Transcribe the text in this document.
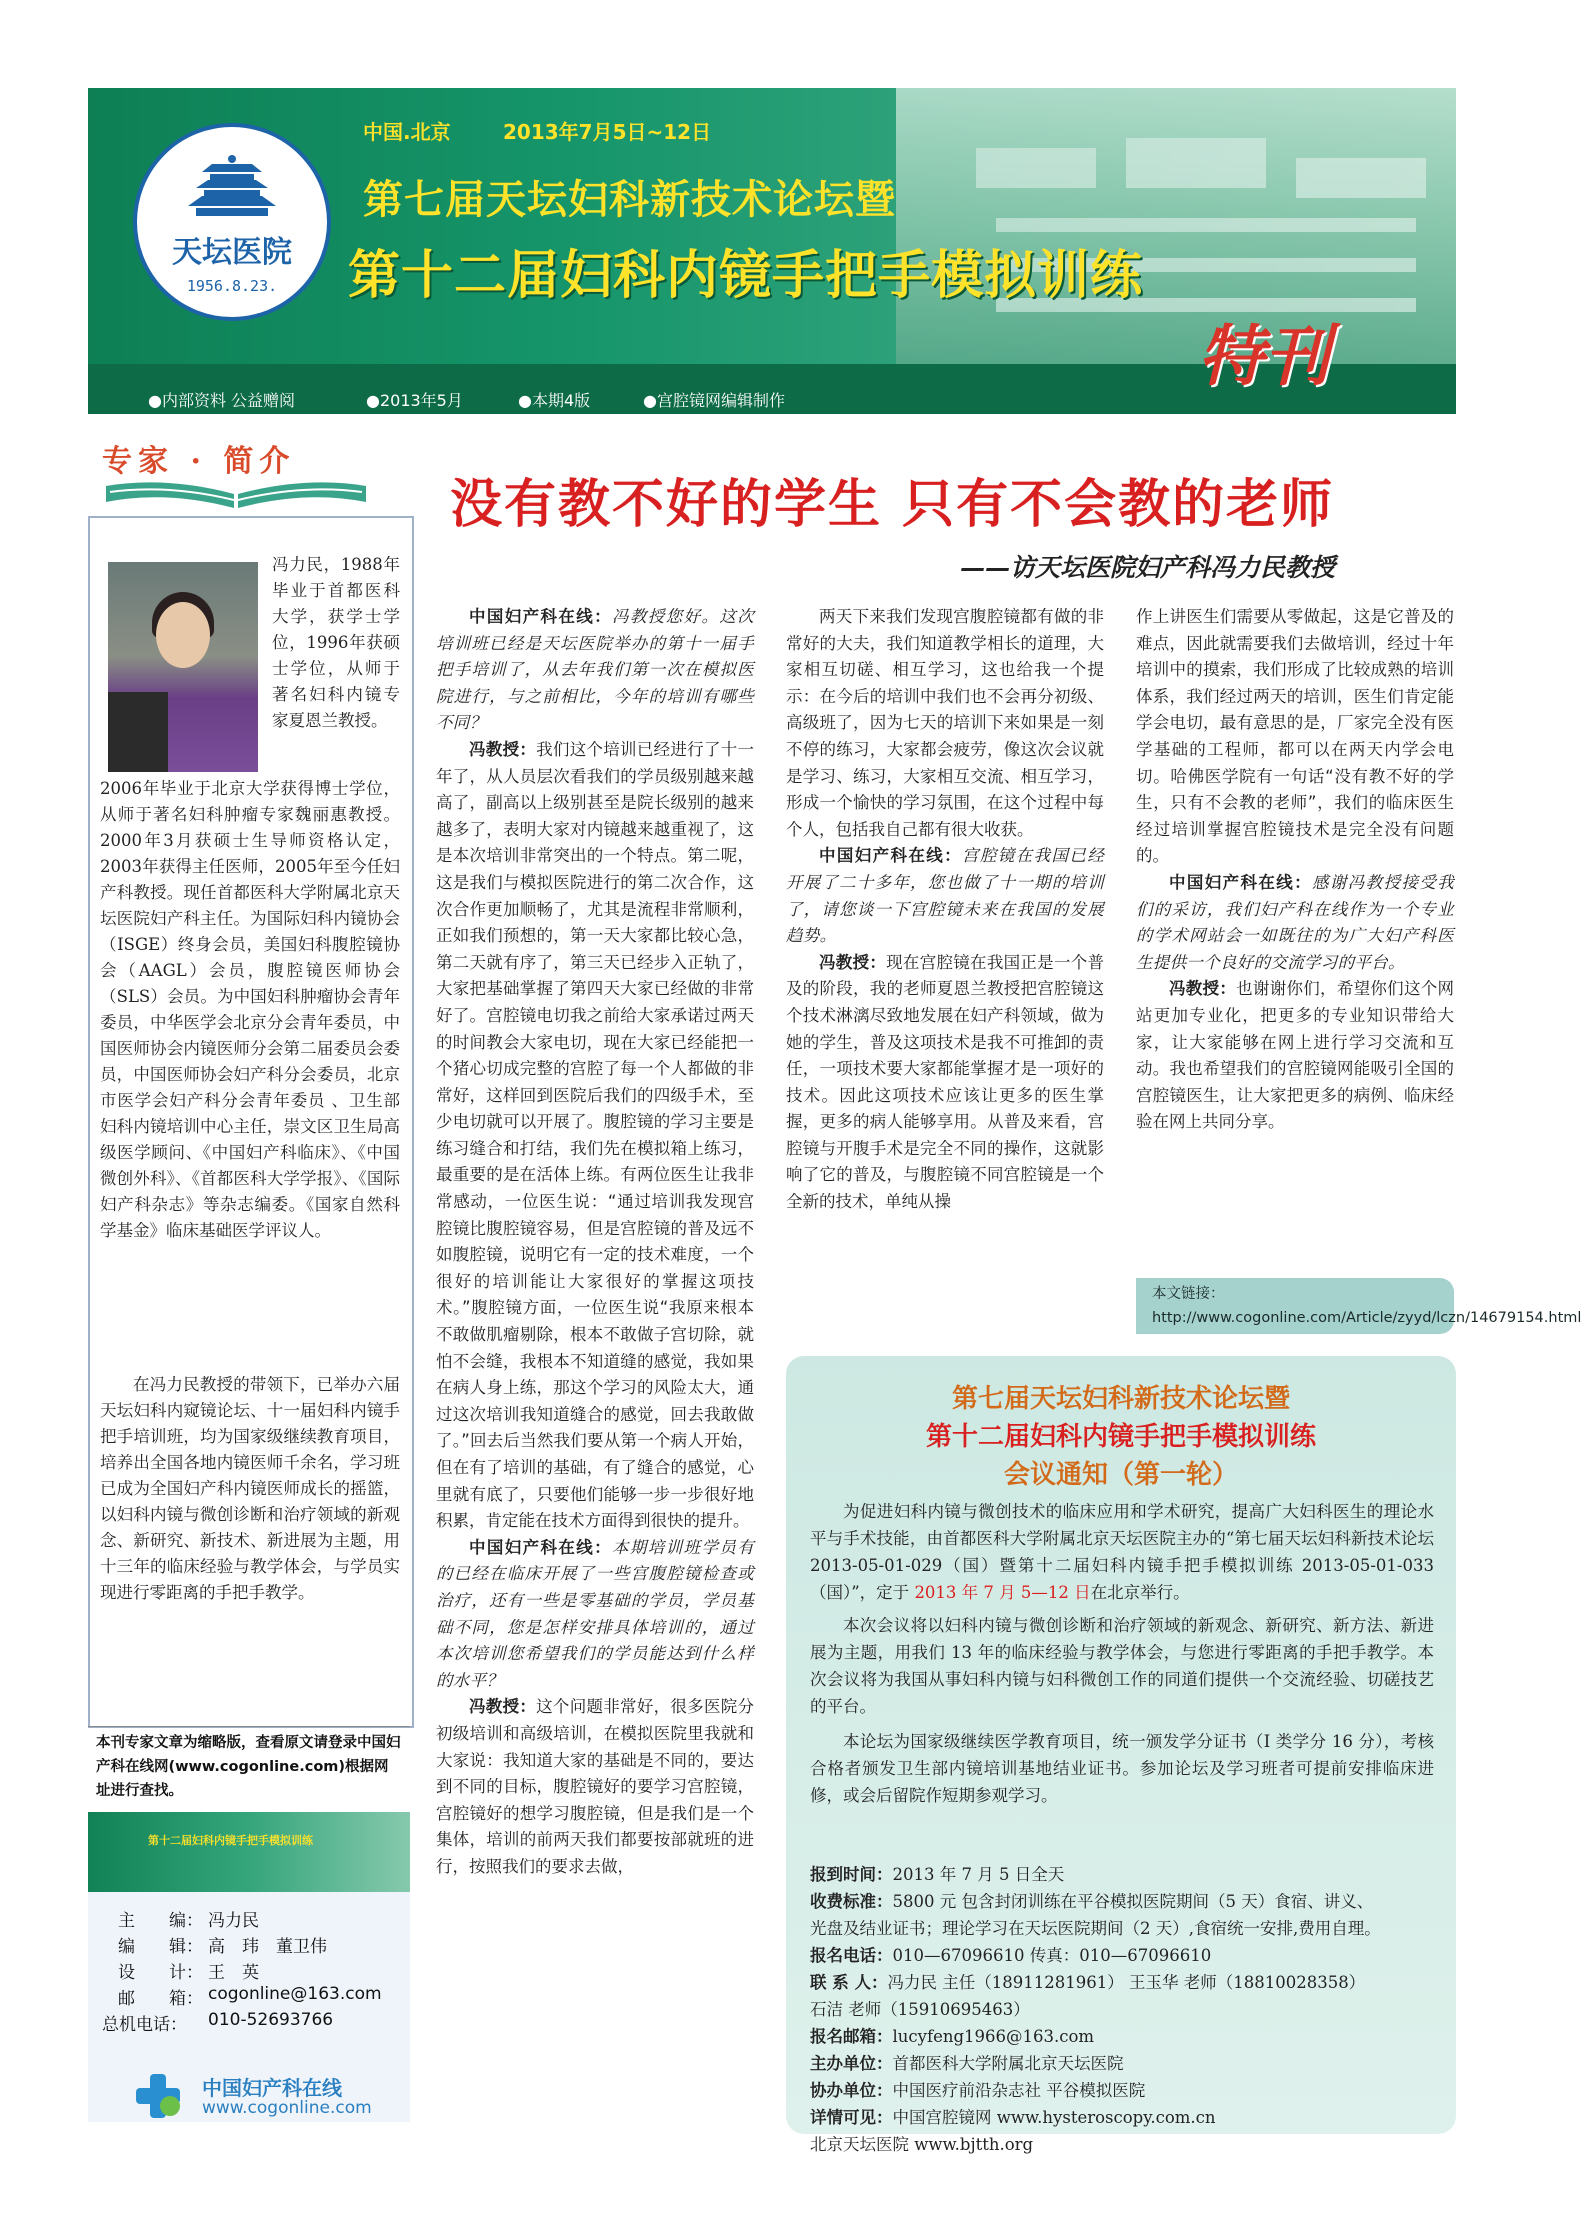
天坛医院
1956.8.23.
中国.北京	2013年7月5日~12日
第七届天坛妇科新技术论坛暨
第十二届妇科内镜手把手模拟训练
特刊
●内部资料 公益赠阅	●2013年5月	●本期4版	●宫腔镜网编辑制作
专家 · 简介
冯力民，1988年毕业于首都医科大学，获学士学位，1996年获硕士学位，从师于著名妇科内镜专家夏恩兰教授。
2006年毕业于北京大学获得博士学位，从师于著名妇科肿瘤专家魏丽惠教授。2000年3月获硕士生导师资格认定，2003年获得主任医师，2005年至今任妇产科教授。现任首都医科大学附属北京天坛医院妇产科主任。为国际妇科内镜协会（ISGE）终身会员，美国妇科腹腔镜协会（AAGL）会员，腹腔镜医师协会（SLS）会员。为中国妇科肿瘤协会青年委员，中华医学会北京分会青年委员，中国医师协会内镜医师分会第二届委员会委员，中国医师协会妇产科分会委员，北京市医学会妇产科分会青年委员 、卫生部妇科内镜培训中心主任，崇文区卫生局高级医学顾问、《中国妇产科临床》、《中国微创外科》、《首都医科大学学报》、《国际妇产科杂志》等杂志编委。《国家自然科学基金》临床基础医学评议人。
在冯力民教授的带领下，已举办六届天坛妇科内窥镜论坛、十一届妇科内镜手把手培训班，均为国家级继续教育项目，培养出全国各地内镜医师千余名，学习班已成为全国妇产科内镜医师成长的摇篮，以妇科内镜与微创诊断和治疗领域的新观念、新研究、新技术、新进展为主题，用十三年的临床经验与教学体会，与学员实现进行零距离的手把手教学。
本刊专家文章为缩略版，查看原文请登录中国妇产科在线网(www.cogonline.com)根据网址进行查找。
第十二届妇科内镜手把手模拟训练
主　　编： 冯力民
编　　辑： 高　玮　董卫伟
设　　计： 王　英
邮　　箱： cogonline@163.com
总机电话： 010-52693766
中国妇产科在线
www.cogonline.com
没有教不好的学生 只有不会教的老师
——访天坛医院妇产科冯力民教授

中国妇产科在线：冯教授您好。这次培训班已经是天坛医院举办的第十一届手把手培训了，从去年我们第一次在模拟医院进行，与之前相比，今年的培训有哪些不同？

冯教授：我们这个培训已经进行了十一年了，从人员层次看我们的学员级别越来越高了，副高以上级别甚至是院长级别的越来越多了，表明大家对内镜越来越重视了，这是本次培训非常突出的一个特点。第二呢，这是我们与模拟医院进行的第二次合作，这次合作更加顺畅了，尤其是流程非常顺利，正如我们预想的，第一天大家都比较心急，第二天就有序了，第三天已经步入正轨了，大家把基础掌握了第四天大家已经做的非常好了。宫腔镜电切我之前给大家承诺过两天的时间教会大家电切，现在大家已经能把一个猪心切成完整的宫腔了每一个人都做的非常好，这样回到医院后我们的四级手术，至少电切就可以开展了。腹腔镜的学习主要是练习缝合和打结，我们先在模拟箱上练习，最重要的是在活体上练。有两位医生让我非常感动，一位医生说：“通过培训我发现宫腔镜比腹腔镜容易，但是宫腔镜的普及远不如腹腔镜，说明它有一定的技术难度，一个很好的培训能让大家很好的掌握这项技术。”腹腔镜方面，一位医生说“我原来根本不敢做肌瘤剔除，根本不敢做子宫切除，就怕不会缝，我根本不知道缝的感觉，我如果在病人身上练，那这个学习的风险太大，通过这次培训我知道缝合的感觉，回去我敢做了。”回去后当然我们要从第一个病人开始，但在有了培训的基础，有了缝合的感觉，心里就有底了，只要他们能够一步一步很好地积累，肯定能在技术方面得到很快的提升。

中国妇产科在线：本期培训班学员有的已经在临床开展了一些宫腹腔镜检查或治疗，还有一些是零基础的学员，学员基础不同，您是怎样安排具体培训的，通过本次培训您希望我们的学员能达到什么样的水平？

冯教授：这个问题非常好，很多医院分初级培训和高级培训，在模拟医院里我就和大家说：我知道大家的基础是不同的，要达到不同的目标，腹腔镜好的要学习宫腔镜，宫腔镜好的想学习腹腔镜，但是我们是一个集体，培训的前两天我们都要按部就班的进行，按照我们的要求去做，

两天下来我们发现宫腹腔镜都有做的非常好的大夫，我们知道教学相长的道理，大家相互切磋、相互学习，这也给我一个提示：在今后的培训中我们也不会再分初级、高级班了，因为七天的培训下来如果是一刻不停的练习，大家都会疲劳，像这次会议就是学习、练习，大家相互交流、相互学习，形成一个愉快的学习氛围，在这个过程中每个人，包括我自己都有很大收获。

中国妇产科在线：宫腔镜在我国已经开展了二十多年，您也做了十一期的培训了，请您谈一下宫腔镜未来在我国的发展趋势。

冯教授：现在宫腔镜在我国正是一个普及的阶段，我的老师夏恩兰教授把宫腔镜这个技术淋漓尽致地发展在妇产科领域，做为她的学生，普及这项技术是我不可推卸的责任，一项技术要大家都能掌握才是一项好的技术。因此这项技术应该让更多的医生掌握，更多的病人能够享用。从普及来看，宫腔镜与开腹手术是完全不同的操作，这就影响了它的普及，与腹腔镜不同宫腔镜是一个全新的技术，单纯从操

作上讲医生们需要从零做起，这是它普及的难点，因此就需要我们去做培训，经过十年培训中的摸索，我们形成了比较成熟的培训体系，我们经过两天的培训，医生们肯定能学会电切，最有意思的是，厂家完全没有医学基础的工程师，都可以在两天内学会电切。哈佛医学院有一句话“没有教不好的学生，只有不会教的老师”，我们的临床医生经过培训掌握宫腔镜技术是完全没有问题的。

中国妇产科在线：感谢冯教授接受我们的采访，我们妇产科在线作为一个专业的学术网站会一如既往的为广大妇产科医生提供一个良好的交流学习的平台。

冯教授：也谢谢你们，希望你们这个网站更加专业化，把更多的专业知识带给大家，让大家能够在网上进行学习交流和互动。我也希望我们的宫腔镜网能吸引全国的宫腔镜医生，让大家把更多的病例、临床经验在网上共同分享。

本文链接：http://www.cogonline.com/Article/zyyd/lczn/14679154.html
第七届天坛妇科新技术论坛暨
第十二届妇科内镜手把手模拟训练
会议通知（第一轮）
为促进妇科内镜与微创技术的临床应用和学术研究，提高广大妇科医生的理论水平与手术技能，由首都医科大学附属北京天坛医院主办的“第七届天坛妇科新技术论坛 2013-05-01-029（国）暨第十二届妇科内镜手把手模拟训练 2013-05-01-033（国）”，定于 2013 年 7 月 5—12 日在北京举行。
本次会议将以妇科内镜与微创诊断和治疗领域的新观念、新研究、新方法、新进展为主题，用我们 13 年的临床经验与教学体会，与您进行零距离的手把手教学。本次会议将为我国从事妇科内镜与妇科微创工作的同道们提供一个交流经验、切磋技艺的平台。
本论坛为国家级继续医学教育项目，统一颁发学分证书（I 类学分 16 分），考核合格者颁发卫生部内镜培训基地结业证书。参加论坛及学习班者可提前安排临床进修，或会后留院作短期参观学习。
报到时间：2013 年 7 月 5 日全天
收费标准：5800 元 包含封闭训练在平谷模拟医院期间（5 天）食宿、讲义、
光盘及结业证书；理论学习在天坛医院期间（2 天）,食宿统一安排,费用自理。
报名电话：010—67096610 传真：010—67096610
联 系 人：冯力民 主任（18911281961） 王玉华 老师（18810028358）
石洁 老师（15910695463）
报名邮箱：lucyfeng1966@163.com
主办单位：首都医科大学附属北京天坛医院
协办单位：中国医疗前沿杂志社 平谷模拟医院
详情可见：中国宫腔镜网 www.hysteroscopy.com.cn
北京天坛医院 www.bjtth.org
